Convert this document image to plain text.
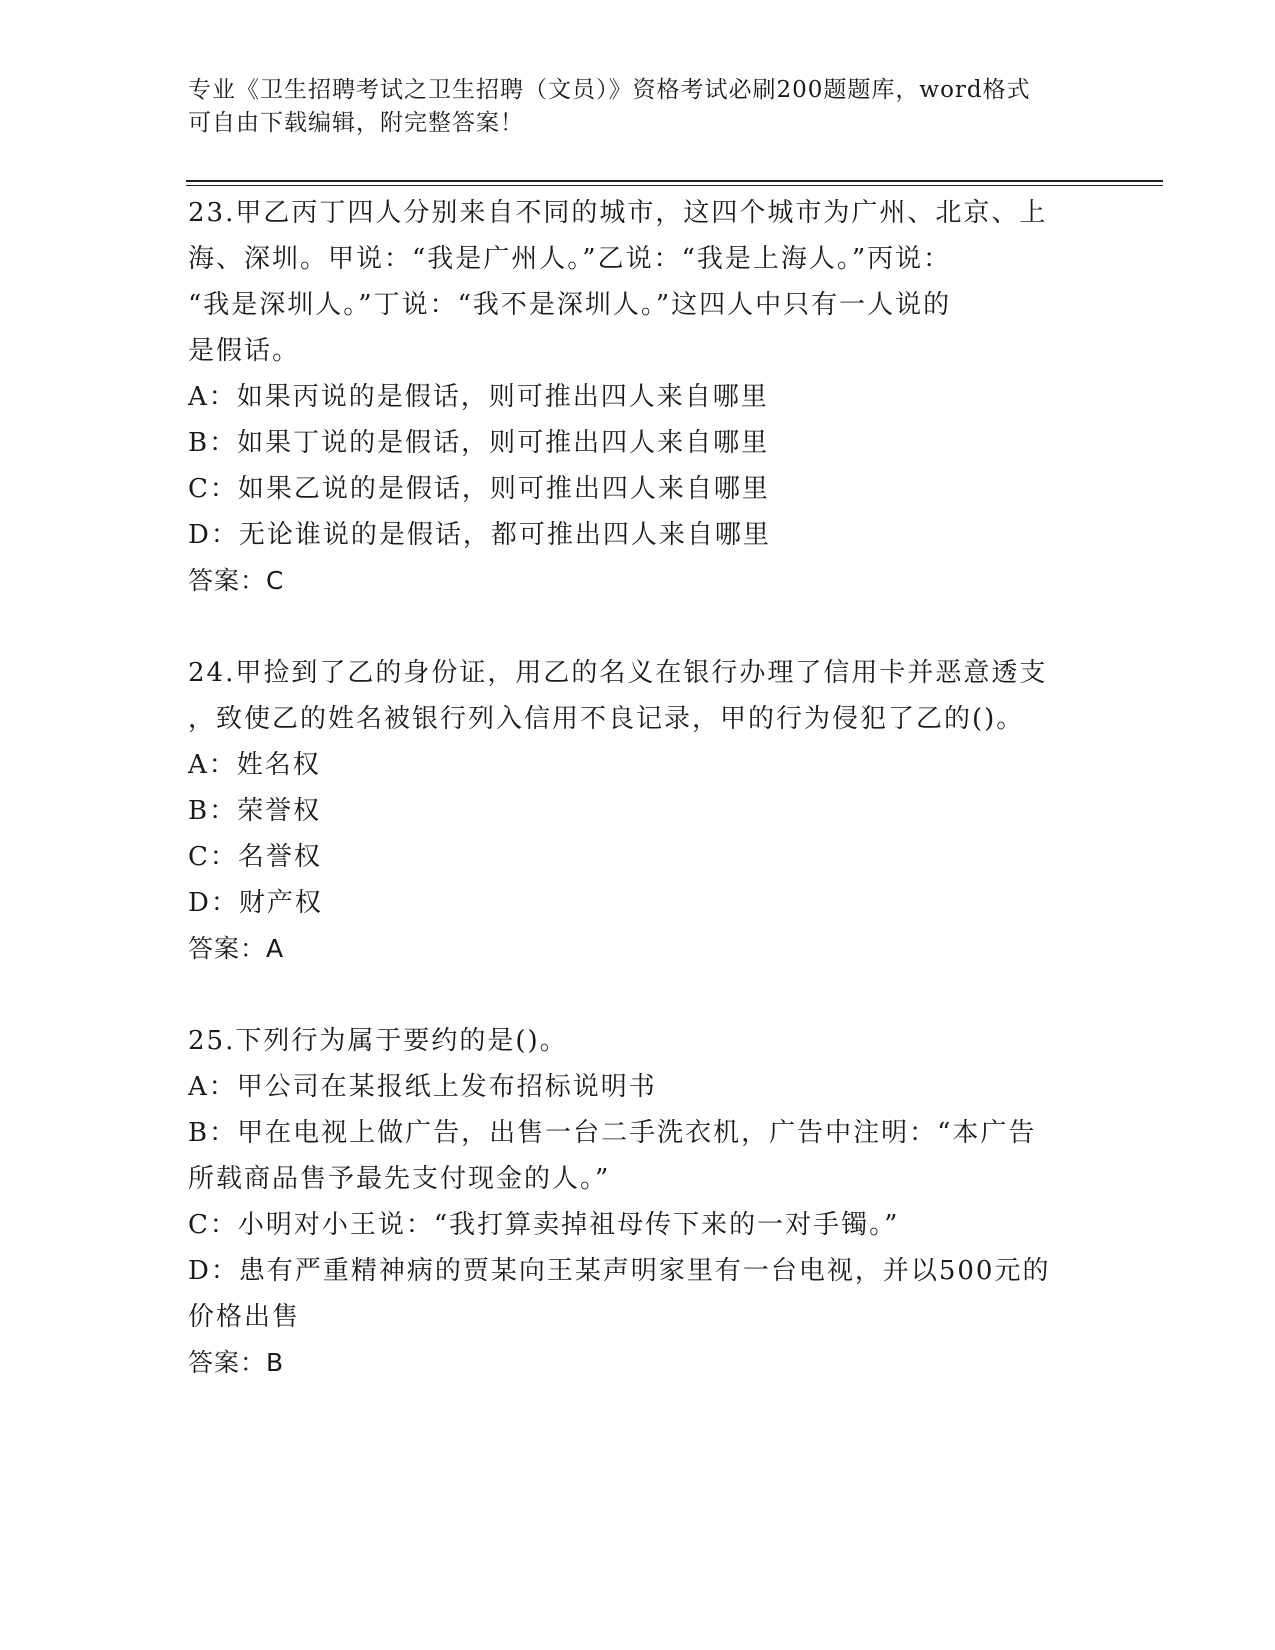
专业《卫生招聘考试之卫生招聘（文员）》资格考试必刷200题题库，word格式
可自由下载编辑，附完整答案！
23.甲乙丙丁四人分别来自不同的城市，这四个城市为广州、北京、上
海、深圳。甲说：“我是广州人。”乙说：“我是上海人。”丙说：
“我是深圳人。”丁说：“我不是深圳人。”这四人中只有一人说的
是假话。
A：如果丙说的是假话，则可推出四人来自哪里
B：如果丁说的是假话，则可推出四人来自哪里
C：如果乙说的是假话，则可推出四人来自哪里
D：无论谁说的是假话，都可推出四人来自哪里
答案：C
24.甲捡到了乙的身份证，用乙的名义在银行办理了信用卡并恶意透支
，致使乙的姓名被银行列入信用不良记录，甲的行为侵犯了乙的()。
A：姓名权
B：荣誉权
C：名誉权
D：财产权
答案：A
25.下列行为属于要约的是()。
A：甲公司在某报纸上发布招标说明书
B：甲在电视上做广告，出售一台二手洗衣机，广告中注明：“本广告
所载商品售予最先支付现金的人。”
C：小明对小王说：“我打算卖掉祖母传下来的一对手镯。”
D：患有严重精神病的贾某向王某声明家里有一台电视，并以500元的
价格出售
答案：B
